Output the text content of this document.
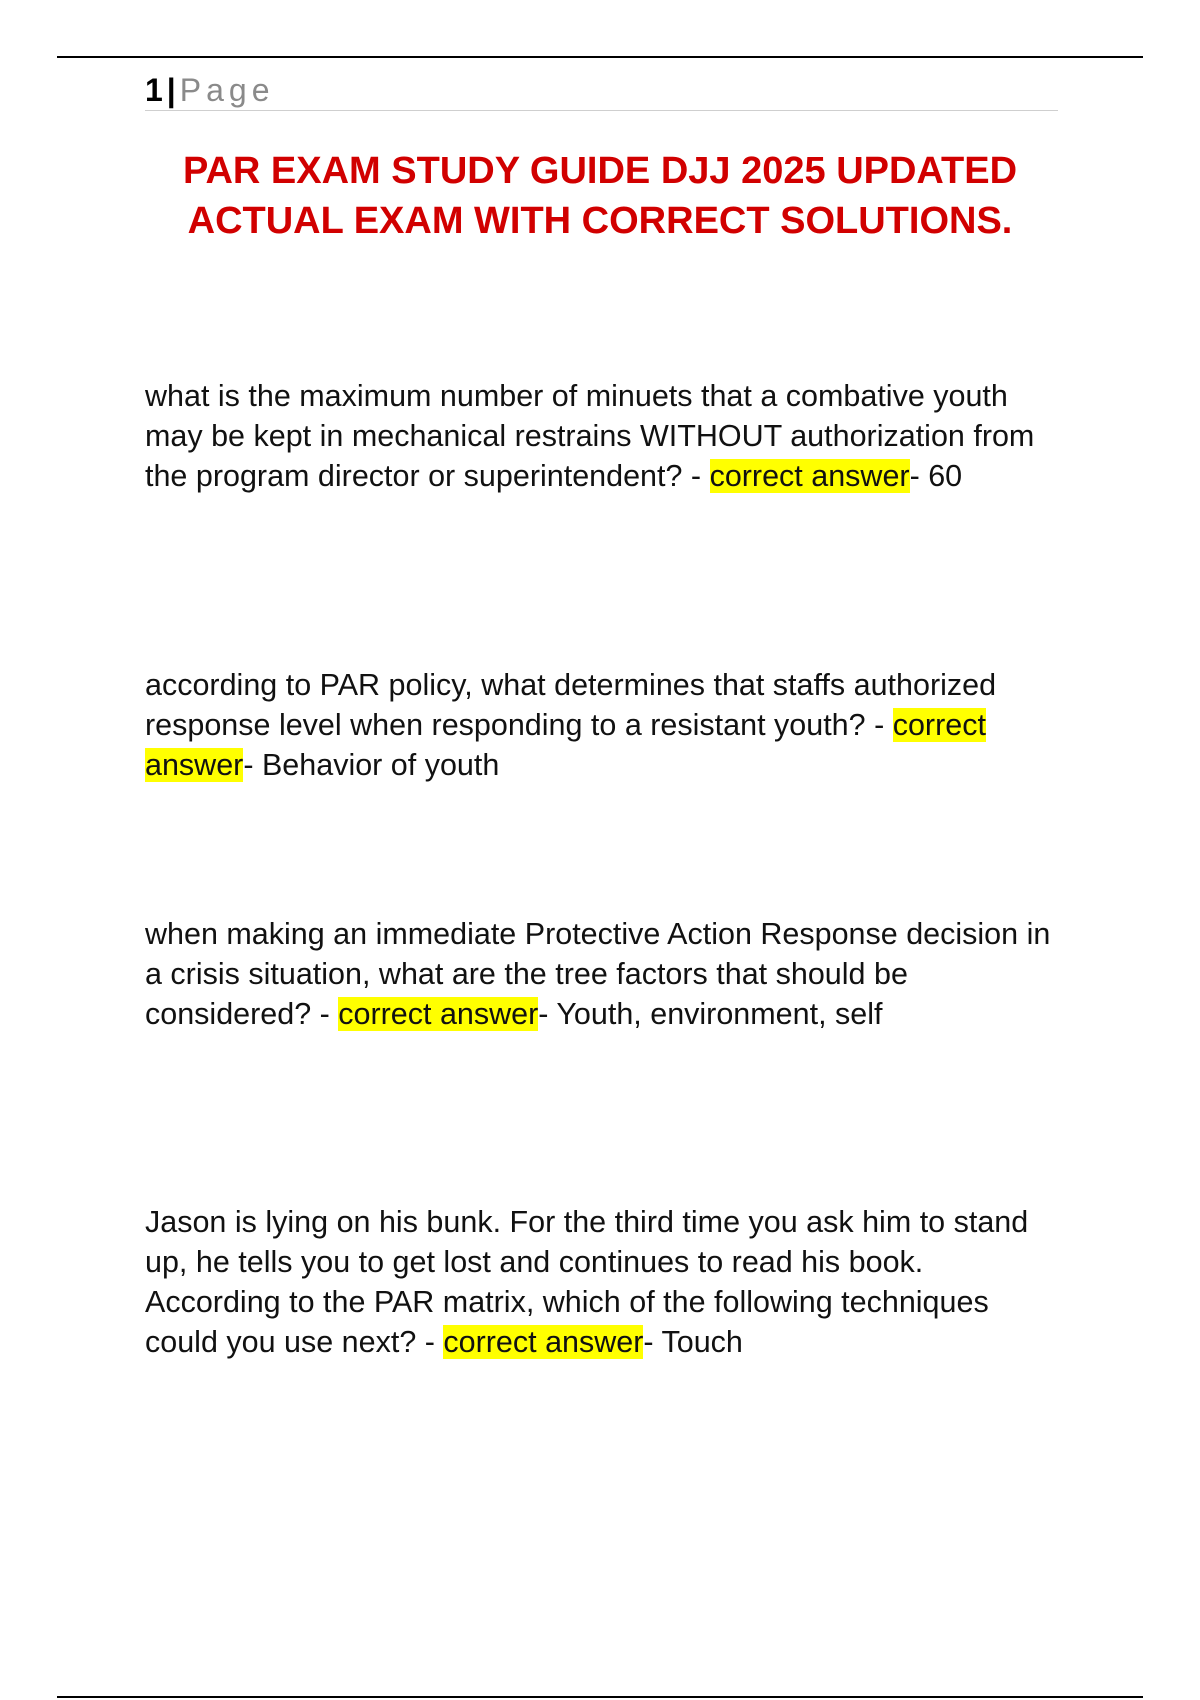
1 | Page
PAR EXAM STUDY GUIDE DJJ 2025 UPDATED
ACTUAL EXAM WITH CORRECT SOLUTIONS.

what is the maximum number of minuets that a combative youth may be kept in mechanical restrains WITHOUT authorization from the program director or superintendent? - correct answer- 60

according to PAR policy, what determines that staffs authorized response level when responding to a resistant youth? - correct answer- Behavior of youth

when making an immediate Protective Action Response decision in a crisis situation, what are the tree factors that should be considered? - correct answer- Youth, environment, self

Jason is lying on his bunk. For the third time you ask him to stand up, he tells you to get lost and continues to read his book. According to the PAR matrix, which of the following techniques could you use next? - correct answer- Touch
